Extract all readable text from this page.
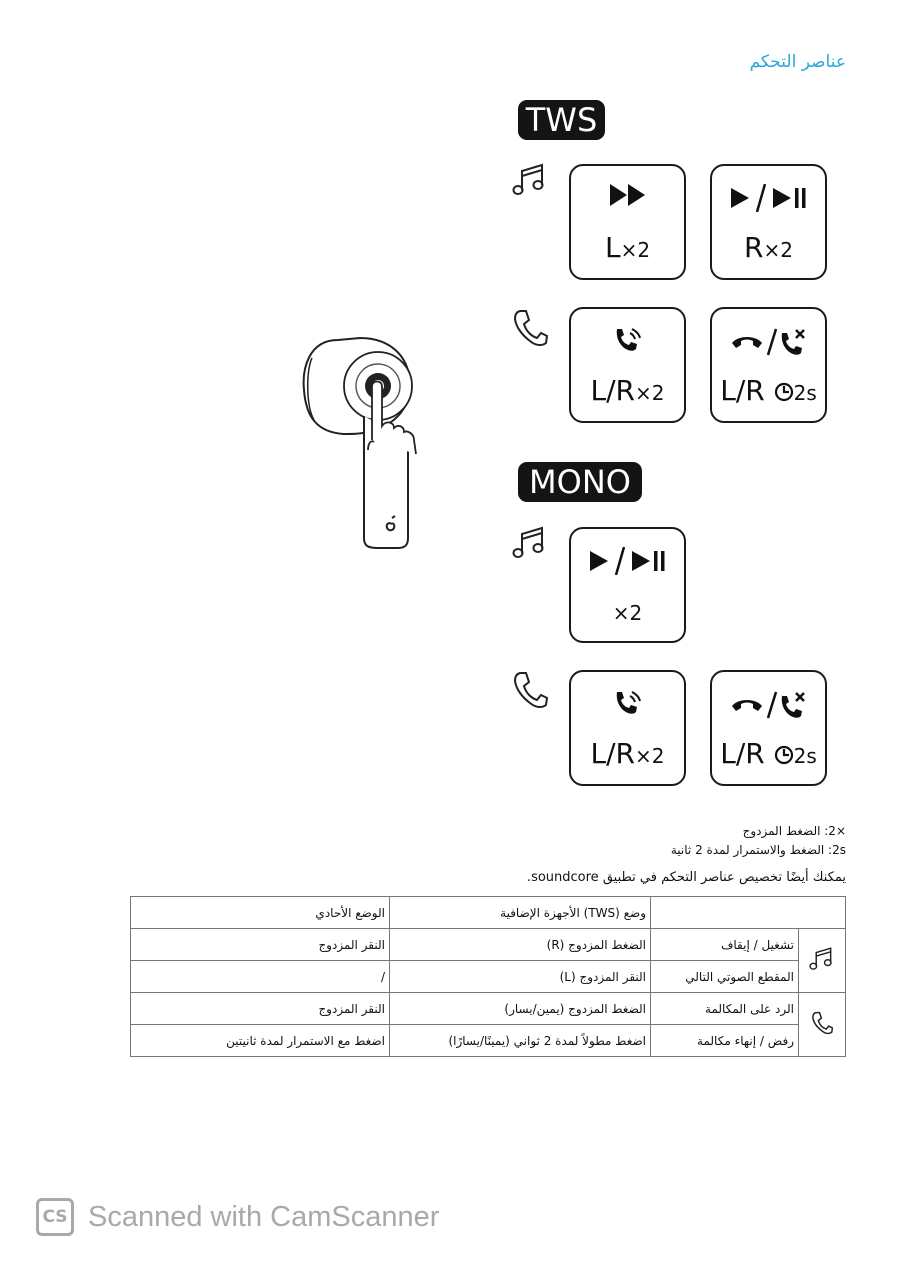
عناصر التحكم
TWS
L×2	R×2
L/R×2	L/R 2s
MONO
×2
L/R×2	L/R 2s
×2: الضغط المزدوج
2s: الضغط والاستمرار لمدة 2 ثانية
يمكنك أيضًا تخصيص عناصر التحكم في تطبيق soundcore.
		وضع (TWS) الأجهزة الإضافية	الوضع الأحادي
	تشغيل / إيقاف	الضغط المزدوج (R)	النقر المزدوج
	المقطع الصوتي التالي	النقر المزدوج (L)	/
	الرد على المكالمة	الضغط المزدوج (يمين/يسار)	النقر المزدوج
	رفض / إنهاء مكالمة	اضغط مطولاً لمدة 2 ثواني (يمينًا/يسارًا)	اضغط مع الاستمرار لمدة ثانيتين
CS Scanned with CamScanner
